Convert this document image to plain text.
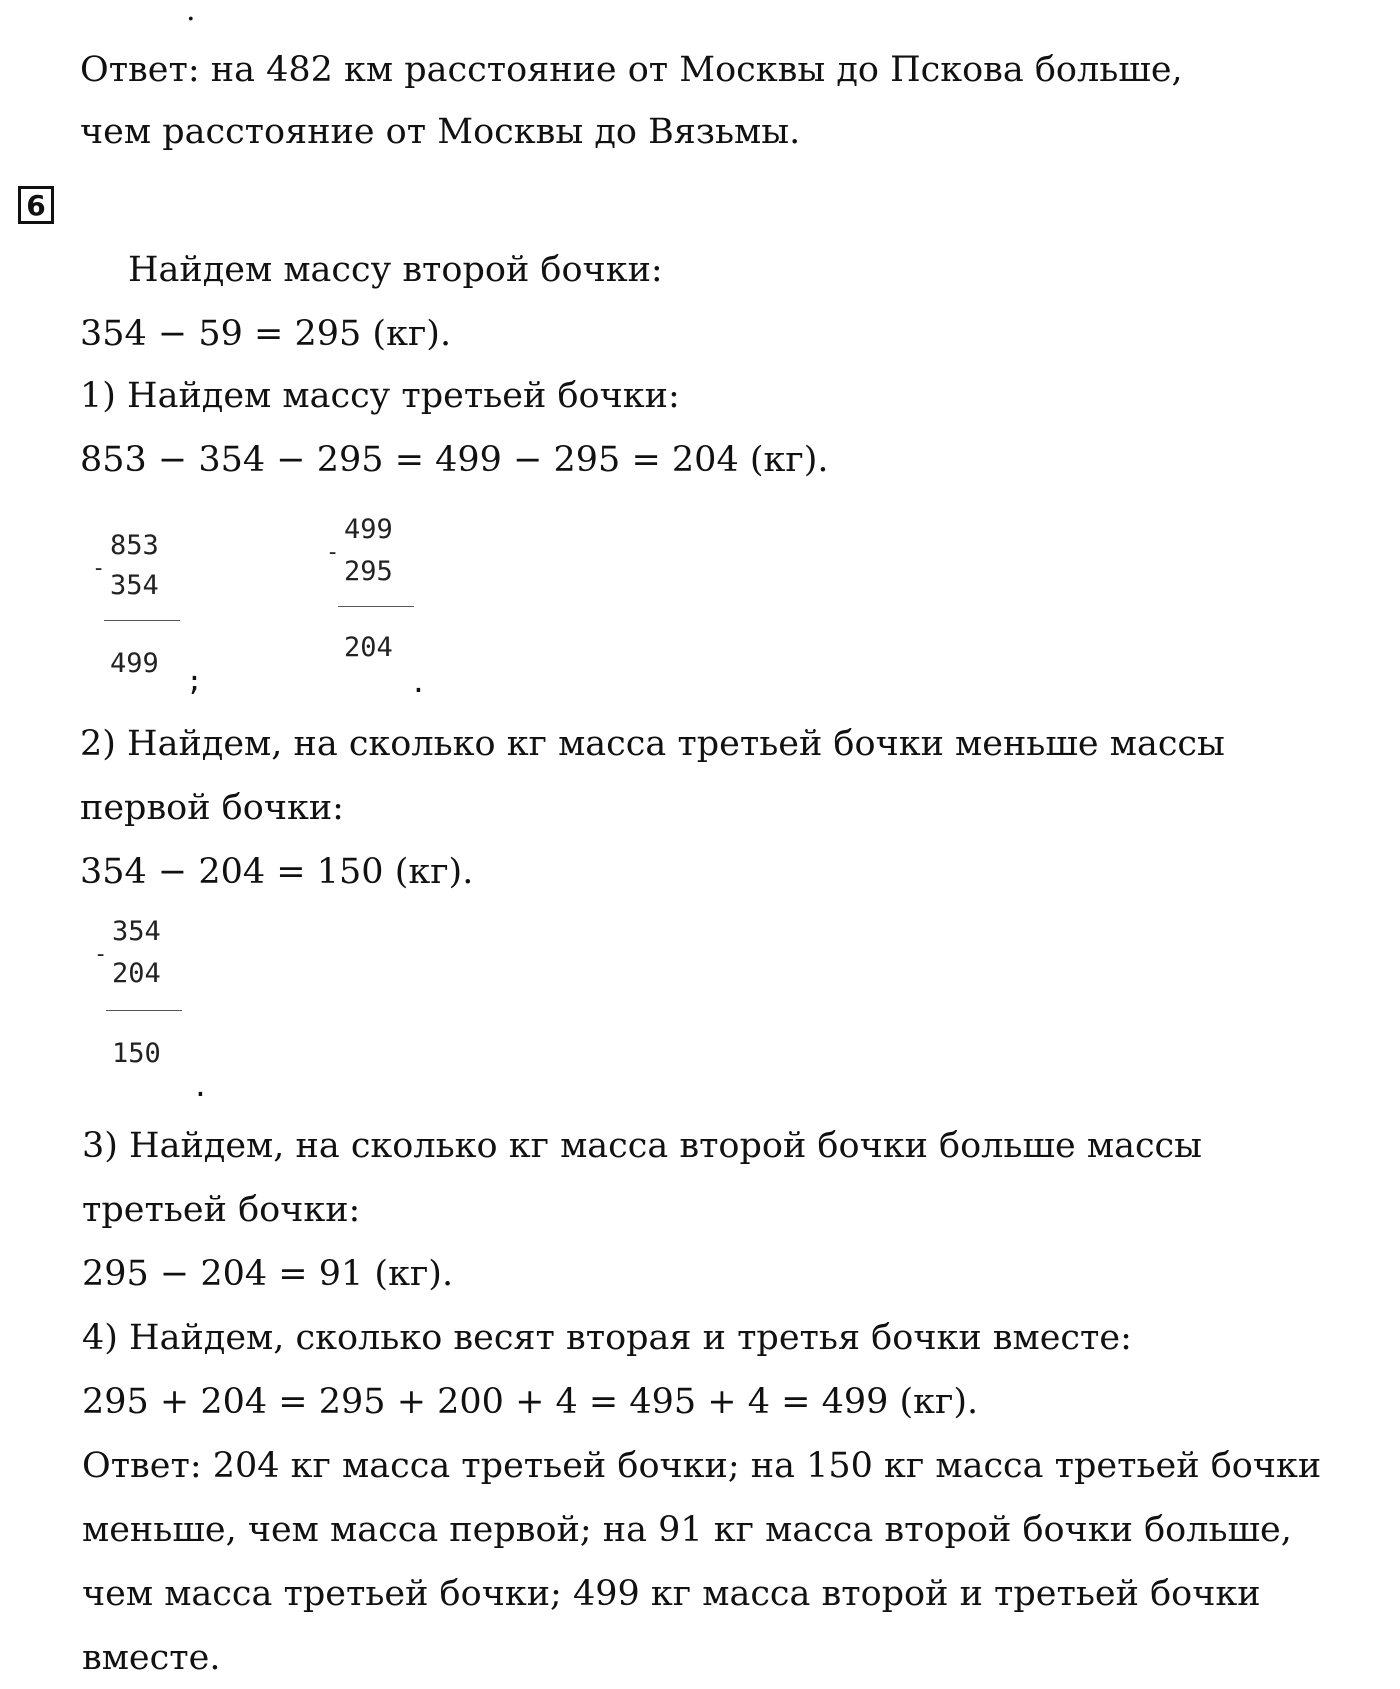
.
Ответ: на 482 км расстояние от Москвы до Пскова больше,
чем расстояние от Москвы до Вязьмы.
6
Найдем массу второй бочки:
354 − 59 = 295 (кг).
1) Найдем массу третьей бочки:
853 − 354 − 295 = 499 − 295 = 204 (кг).
853
-
354
499
;
499
-
295
204
.
2) Найдем, на сколько кг масса третьей бочки меньше массы
первой бочки:
354 − 204 = 150 (кг).
354
-
204
150
.
3) Найдем, на сколько кг масса второй бочки больше массы
третьей бочки:
295 − 204 = 91 (кг).
4) Найдем, сколько весят вторая и третья бочки вместе:
295 + 204 = 295 + 200 + 4 = 495 + 4 = 499 (кг).
Ответ: 204 кг масса третьей бочки; на 150 кг масса третьей бочки
меньше, чем масса первой; на 91 кг масса второй бочки больше,
чем масса третьей бочки; 499 кг масса второй и третьей бочки
вместе.
